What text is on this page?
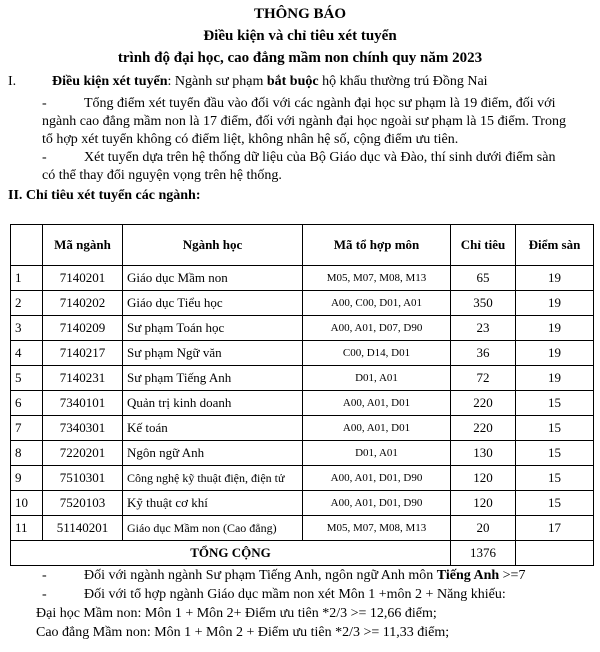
THÔNG BÁO
Điều kiện và chỉ tiêu xét tuyển
trình độ đại học, cao đẳng mầm non chính quy năm 2023
I.	Điều kiện xét tuyển: Ngành sư phạm bắt buộc hộ khẩu thường trú Đồng Nai
-	Tổng điểm xét tuyển đầu vào đối với các ngành đại học sư phạm là 19 điểm, đối với
ngành cao đẳng mầm non là 17 điểm, đối với ngành đại học ngoài sư phạm là 15 điểm. Trong
tổ hợp xét tuyển không có điểm liệt, không nhân hệ số, cộng điểm ưu tiên.
-	Xét tuyển dựa trên hệ thống dữ liệu của Bộ Giáo dục và Đào, thí sinh dưới điểm sàn
có thể thay đổi nguyện vọng trên hệ thống.
II. Chỉ tiêu xét tuyển các ngành:
	Mã ngành	Ngành học	Mã tổ hợp môn	Chỉ tiêu	Điểm sàn
1	7140201	Giáo dục Mầm non	M05, M07, M08, M13	65	19
2	7140202	Giáo dục Tiểu học	A00, C00, D01, A01	350	19
3	7140209	Sư phạm Toán học	A00, A01, D07, D90	23	19
4	7140217	Sư phạm Ngữ văn	C00, D14, D01	36	19
5	7140231	Sư phạm Tiếng Anh	D01, A01	72	19
6	7340101	Quản trị kinh doanh	A00, A01, D01	220	15
7	7340301	Kế toán	A00, A01, D01	220	15
8	7220201	Ngôn ngữ Anh	D01, A01	130	15
9	7510301	Công nghệ kỹ thuật điện, điện tử	A00, A01, D01, D90	120	15
10	7520103	Kỹ thuật cơ khí	A00, A01, D01, D90	120	15
11	51140201	Giáo dục Mầm non (Cao đẳng)	M05, M07, M08, M13	20	17
TỔNG CỘNG				1376	
-	Đối với ngành ngành Sư phạm Tiếng Anh, ngôn ngữ Anh môn Tiếng Anh >=7
-	Đối với tổ hợp ngành Giáo dục mầm non xét Môn 1 +môn 2 + Năng khiếu:
Đại học Mầm non: Môn 1 + Môn 2+ Điểm ưu tiên *2/3 >= 12,66 điểm;
Cao đẳng Mầm non: Môn 1 + Môn 2 + Điểm ưu tiên *2/3 >= 11,33 điểm;
